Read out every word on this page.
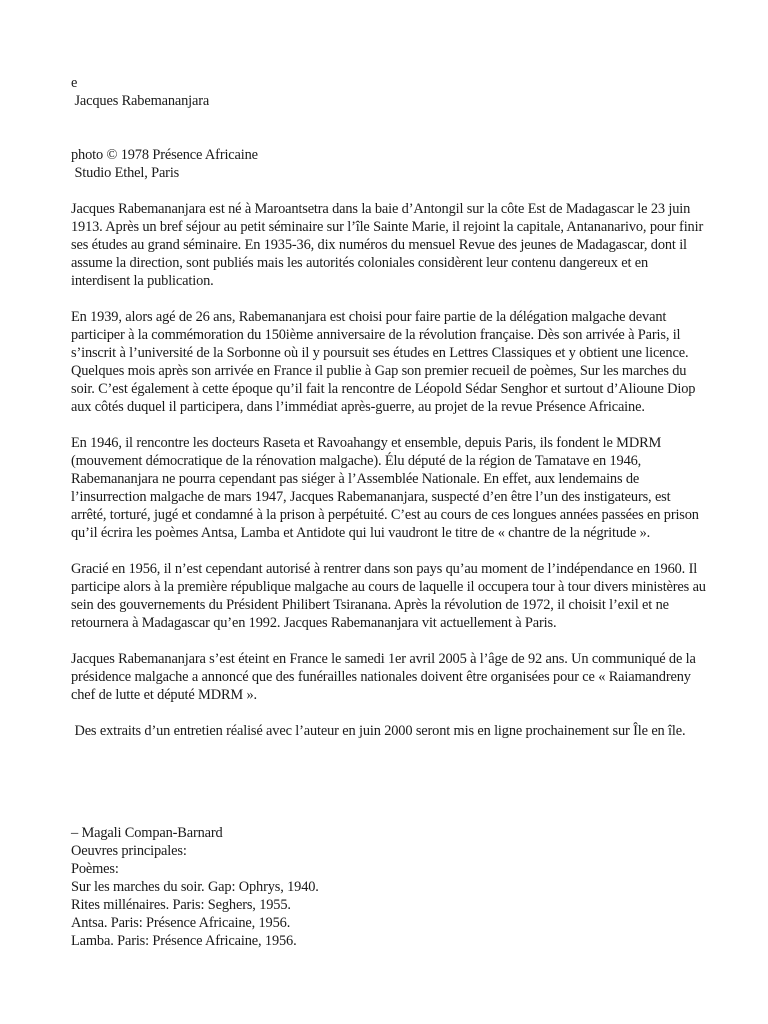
e
Jacques Rabemananjara
photo © 1978 Présence Africaine
Studio Ethel, Paris

Jacques Rabemananjara est né à Maroantsetra dans la baie d’Antongil sur la côte Est de Madagascar le 23 juin 1913. Après un bref séjour au petit séminaire sur l’île Sainte Marie, il rejoint la capitale, Antananarivo, pour finir ses études au grand séminaire. En 1935-36, dix numéros du mensuel Revue des jeunes de Madagascar, dont il assume la direction, sont publiés mais les autorités coloniales considèrent leur contenu dangereux et en interdisent la publication.

En 1939, alors agé de 26 ans, Rabemananjara est choisi pour faire partie de la délégation malgache devant participer à la commémoration du 150ième anniversaire de la révolution française. Dès son arrivée à Paris, il s’inscrit à l’université de la Sorbonne où il y poursuit ses études en Lettres Classiques et y obtient une licence. Quelques mois après son arrivée en France il publie à Gap son premier recueil de poèmes, Sur les marches du soir. C’est également à cette époque qu’il fait la rencontre de Léopold Sédar Senghor et surtout d’Alioune Diop aux côtés duquel il participera, dans l’immédiat après-guerre, au projet de la revue Présence Africaine.

En 1946, il rencontre les docteurs Raseta et Ravoahangy et ensemble, depuis Paris, ils fondent le MDRM (mouvement démocratique de la rénovation malgache). Élu député de la région de Tamatave en 1946, Rabemananjara ne pourra cependant pas siéger à l’Assemblée Nationale. En effet, aux lendemains de l’insurrection malgache de mars 1947, Jacques Rabemananjara, suspecté d’en être l’un des instigateurs, est arrêté, torturé, jugé et condamné à la prison à perpétuité. C’est au cours de ces longues années passées en prison qu’il écrira les poèmes Antsa, Lamba et Antidote qui lui vaudront le titre de « chantre de la négritude ».

Gracié en 1956, il n’est cependant autorisé à rentrer dans son pays qu’au moment de l’indépendance en 1960. Il participe alors à la première république malgache au cours de laquelle il occupera tour à tour divers ministères au sein des gouvernements du Président Philibert Tsiranana. Après la révolution de 1972, il choisit l’exil et ne retournera à Madagascar qu’en 1992. Jacques Rabemananjara vit actuellement à Paris.

Jacques Rabemananjara s’est éteint en France le samedi 1er avril 2005 à l’âge de 92 ans. Un communiqué de la présidence malgache a annoncé que des funérailles nationales doivent être organisées pour ce « Raiamandreny chef de lutte et député MDRM ».

Des extraits d’un entretien réalisé avec l’auteur en juin 2000 seront mis en ligne prochainement sur Île en île.

– Magali Compan-Barnard
Oeuvres principales:
Poèmes:
Sur les marches du soir. Gap: Ophrys, 1940.
Rites millénaires. Paris: Seghers, 1955.
Antsa. Paris: Présence Africaine, 1956.
Lamba. Paris: Présence Africaine, 1956.
